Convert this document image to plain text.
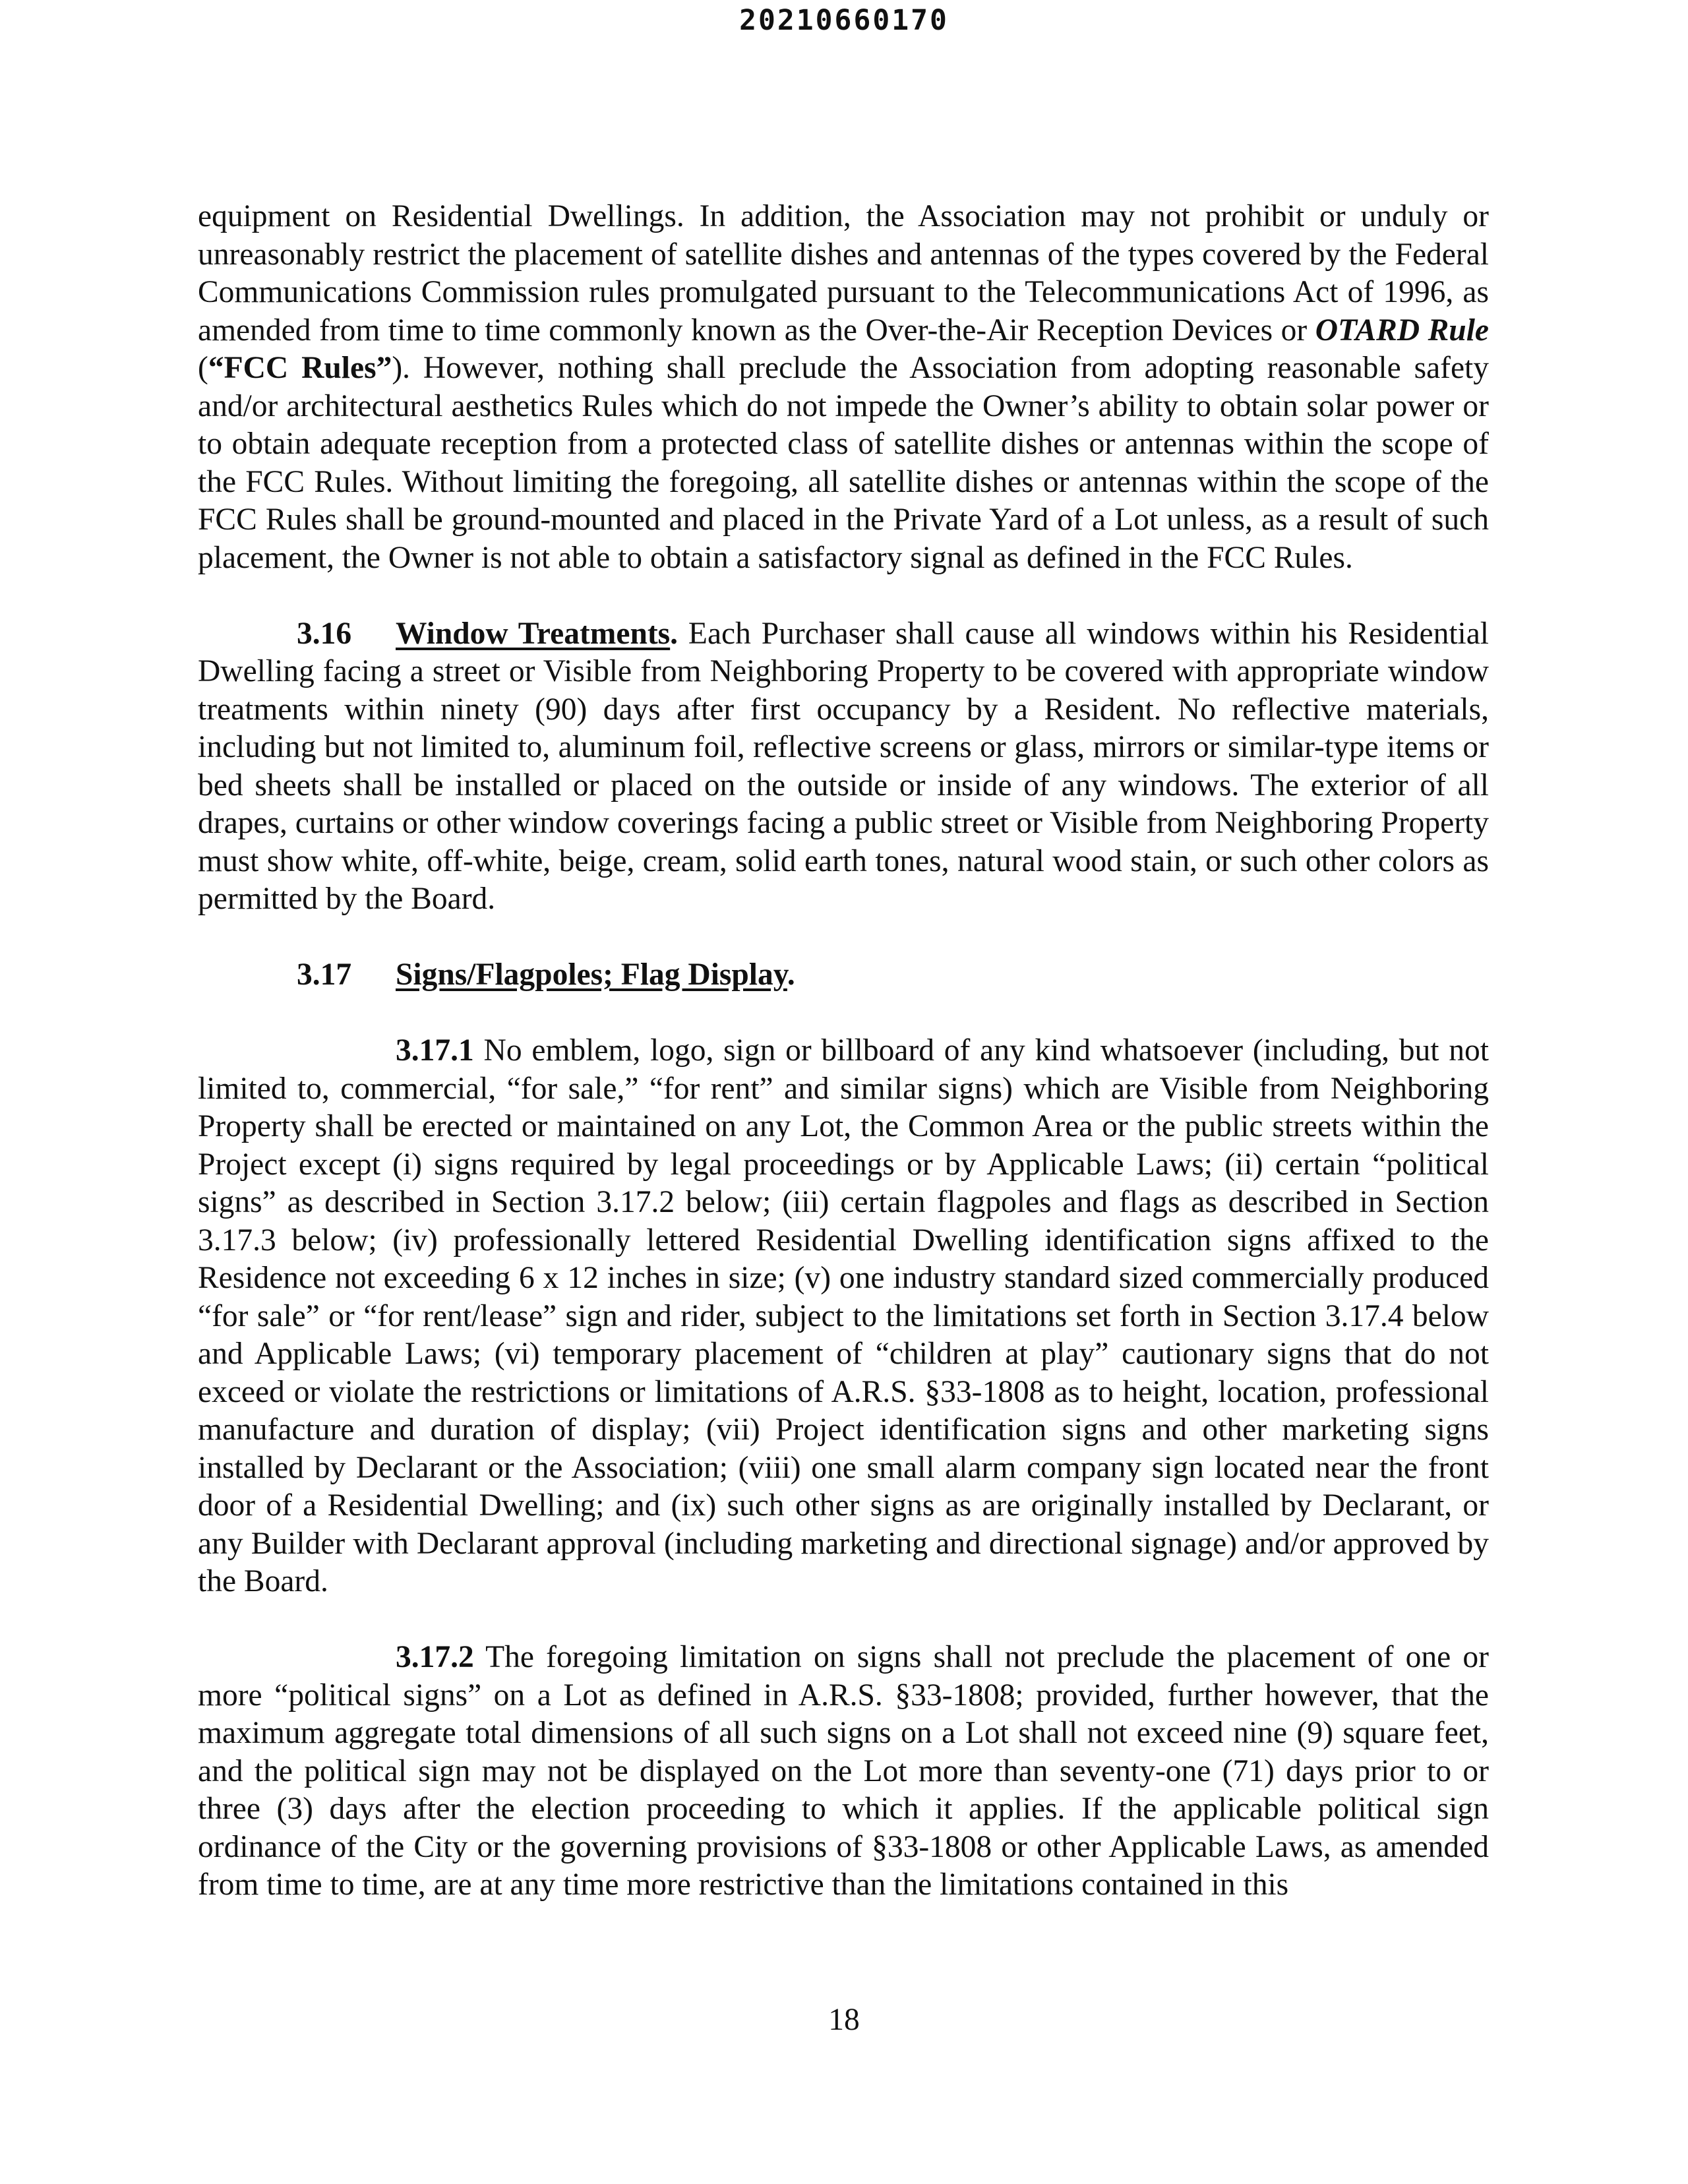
20210660170

equipment on Residential Dwellings. In addition, the Association may not prohibit or unduly or unreasonably restrict the placement of satellite dishes and antennas of the types covered by the Federal Communications Commission rules promulgated pursuant to the Telecommunications Act of 1996, as amended from time to time commonly known as the Over-the-Air Reception Devices or OTARD Rule (“FCC Rules”). However, nothing shall preclude the Association from adopting reasonable safety and/or architectural aesthetics Rules which do not impede the Owner’s ability to obtain solar power or to obtain adequate reception from a protected class of satellite dishes or antennas within the scope of the FCC Rules. Without limiting the foregoing, all satellite dishes or antennas within the scope of the FCC Rules shall be ground-mounted and placed in the Private Yard of a Lot unless, as a result of such placement, the Owner is not able to obtain a satisfactory signal as defined in the FCC Rules.

3.16 Window Treatments. Each Purchaser shall cause all windows within his Residential Dwelling facing a street or Visible from Neighboring Property to be covered with appropriate window treatments within ninety (90) days after first occupancy by a Resident. No reflective materials, including but not limited to, aluminum foil, reflective screens or glass, mirrors or similar-type items or bed sheets shall be installed or placed on the outside or inside of any windows. The exterior of all drapes, curtains or other window coverings facing a public street or Visible from Neighboring Property must show white, off-white, beige, cream, solid earth tones, natural wood stain, or such other colors as permitted by the Board.

3.17 Signs/Flagpoles; Flag Display.

3.17.1 No emblem, logo, sign or billboard of any kind whatsoever (including, but not limited to, commercial, “for sale,” “for rent” and similar signs) which are Visible from Neighboring Property shall be erected or maintained on any Lot, the Common Area or the public streets within the Project except (i) signs required by legal proceedings or by Applicable Laws; (ii) certain “political signs” as described in Section 3.17.2 below; (iii) certain flagpoles and flags as described in Section 3.17.3 below; (iv) professionally lettered Residential Dwelling identification signs affixed to the Residence not exceeding 6 x 12 inches in size; (v) one industry standard sized commercially produced “for sale” or “for rent/lease” sign and rider, subject to the limitations set forth in Section 3.17.4 below and Applicable Laws; (vi) temporary placement of “children at play” cautionary signs that do not exceed or violate the restrictions or limitations of A.R.S. §33-1808 as to height, location, professional manufacture and duration of display; (vii) Project identification signs and other marketing signs installed by Declarant or the Association; (viii) one small alarm company sign located near the front door of a Residential Dwelling; and (ix) such other signs as are originally installed by Declarant, or any Builder with Declarant approval (including marketing and directional signage) and/or approved by the Board.

3.17.2 The foregoing limitation on signs shall not preclude the placement of one or more “political signs” on a Lot as defined in A.R.S. §33-1808; provided, further however, that the maximum aggregate total dimensions of all such signs on a Lot shall not exceed nine (9) square feet, and the political sign may not be displayed on the Lot more than seventy-one (71) days prior to or three (3) days after the election proceeding to which it applies. If the applicable political sign ordinance of the City or the governing provisions of §33-1808 or other Applicable Laws, as amended from time to time, are at any time more restrictive than the limitations contained in this

18
